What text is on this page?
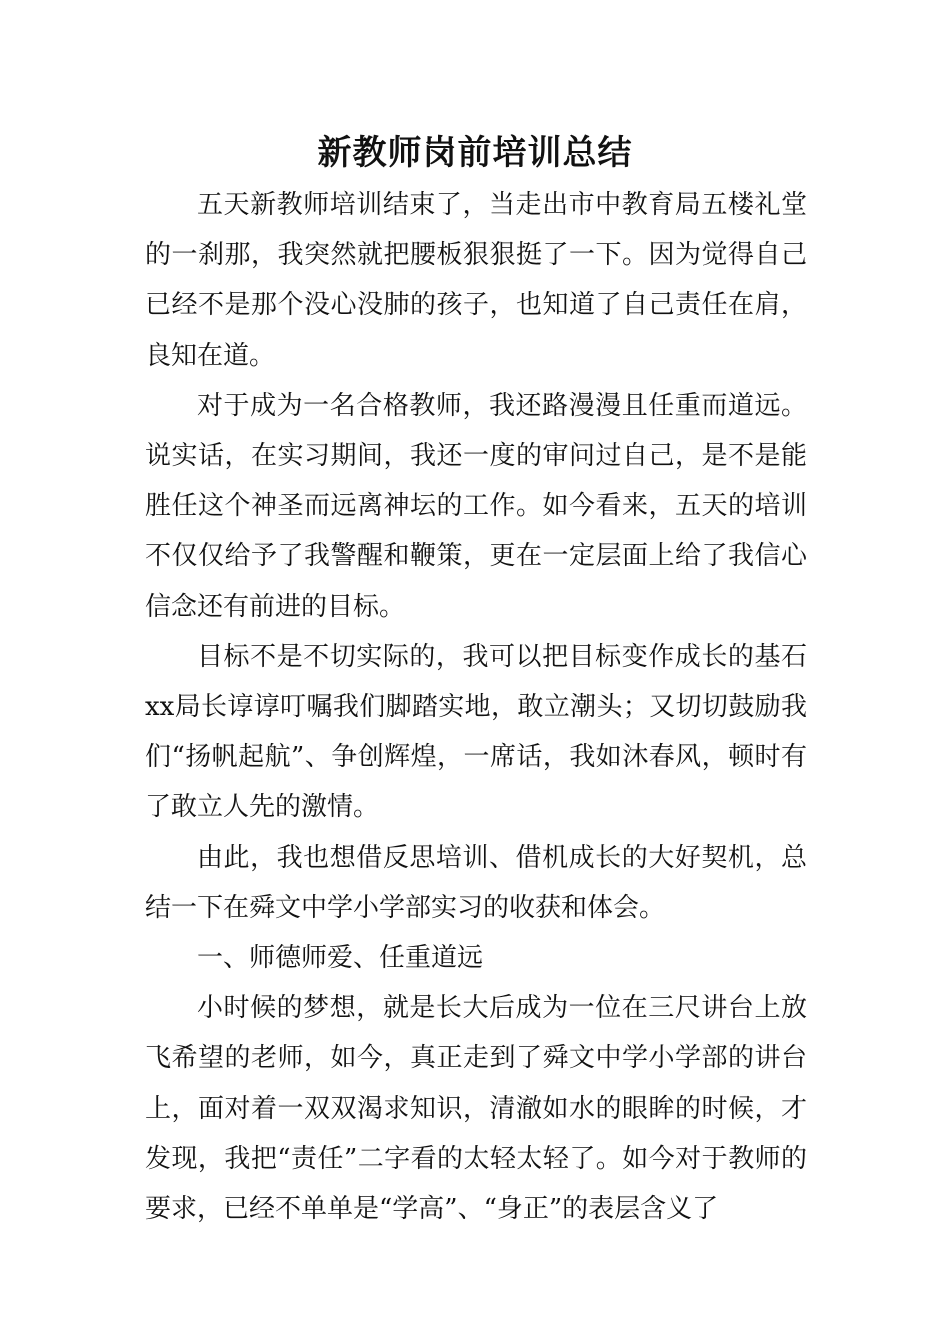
新教师岗前培训总结

五天新教师培训结束了，当走出市中教育局五楼礼堂的一刹那，我突然就把腰板狠狠挺了一下。因为觉得自己已经不是那个没心没肺的孩子，也知道了自己责任在肩，良知在道。

对于成为一名合格教师，我还路漫漫且任重而道远。说实话，在实习期间，我还一度的审问过自己，是不是能胜任这个神圣而远离神坛的工作。如今看来，五天的培训不仅仅给予了我警醒和鞭策，更在一定层面上给了我信心信念还有前进的目标。

目标不是不切实际的，我可以把目标变作成长的基石xx局长谆谆叮嘱我们脚踏实地，敢立潮头；又切切鼓励我们“扬帆起航”、争创辉煌，一席话，我如沐春风，顿时有了敢立人先的激情。

由此，我也想借反思培训、借机成长的大好契机，总结一下在舜文中学小学部实习的收获和体会。

一、师德师爱、任重道远

小时候的梦想，就是长大后成为一位在三尺讲台上放飞希望的老师，如今，真正走到了舜文中学小学部的讲台上，面对着一双双渴求知识，清澈如水的眼眸的时候，才发现，我把“责任”二字看的太轻太轻了。如今对于教师的要求，已经不单单是“学高”、“身正”的表层含义了
